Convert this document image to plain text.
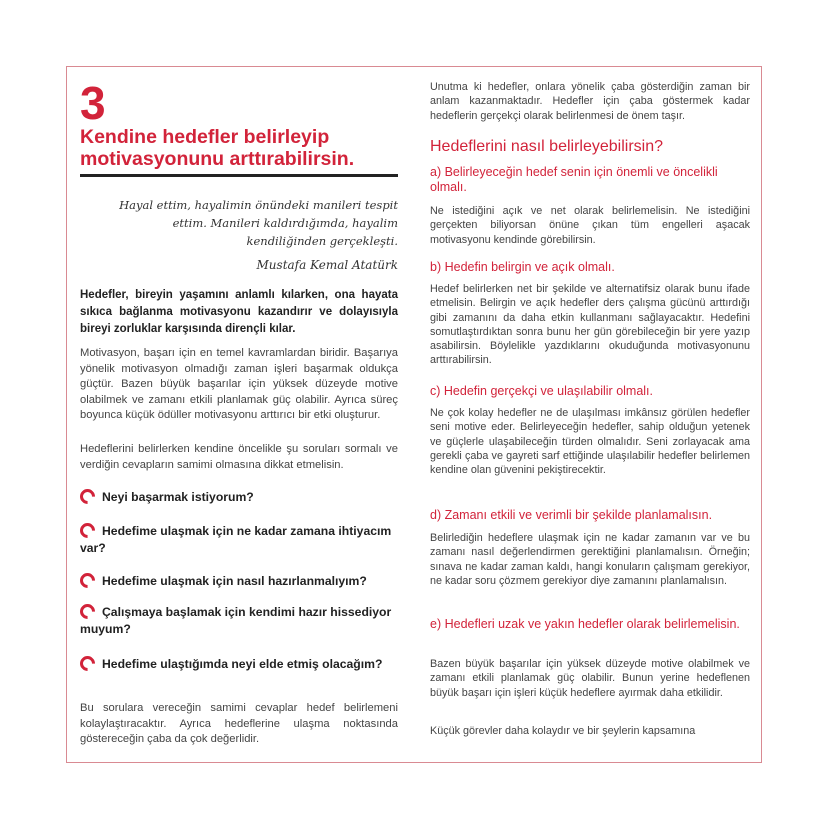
3
Kendine hedefler belirleyip motivasyonunu arttırabilirsin.
Hayal ettim, hayalimin önündeki manileri tespit ettim. Manileri kaldırdığımda, hayalim kendiliğinden gerçekleşti.
Mustafa Kemal Atatürk
Hedefler, bireyin yaşamını anlamlı kılarken, ona hayata sıkıca bağlanma motivasyonu kazandırır ve dolayısıyla bireyi zorluklar karşısında dirençli kılar.
Motivasyon, başarı için en temel kavramlardan biridir. Başarıya yönelik motivasyon olmadığı zaman işleri başarmak oldukça güçtür. Bazen büyük başarılar için yüksek düzeyde motive olabilmek ve zamanı etkili planlamak güç olabilir. Ayrıca süreç boyunca küçük ödüller motivasyonu arttırıcı bir etki oluşturur.
Hedeflerini belirlerken kendine öncelikle şu soruları sormalı ve verdiğin cevapların samimi olmasına dikkat etmelisin.
Neyi başarmak istiyorum?
Hedefime ulaşmak için ne kadar zamana ihtiyacım var?
Hedefime ulaşmak için nasıl hazırlanmalıyım?
Çalışmaya başlamak için kendimi hazır hissediyor muyum?
Hedefime ulaştığımda neyi elde etmiş olacağım?
Bu sorulara vereceğin samimi cevaplar hedef belirlemeni kolaylaştıracaktır. Ayrıca hedeflerine ulaşma noktasında göstereceğin çaba da çok değerlidir.
Unutma ki hedefler, onlara yönelik çaba gösterdiğin zaman bir anlam kazanmaktadır. Hedefler için çaba göstermek kadar hedeflerin gerçekçi olarak belirlenmesi de önem taşır.
Hedeflerini nasıl belirleyebilirsin?
a) Belirleyeceğin hedef senin için önemli ve öncelikli olmalı.
Ne istediğini açık ve net olarak belirlemelisin. Ne istediğini gerçekten biliyorsan önüne çıkan tüm engelleri aşacak motivasyonu kendinde görebilirsin.
b) Hedefin belirgin ve açık olmalı.
Hedef belirlerken net bir şekilde ve alternatifsiz olarak bunu ifade etmelisin. Belirgin ve açık hedefler ders çalışma gücünü arttırdığı gibi zamanını da daha etkin kullanmanı sağlayacaktır. Hedefini somutlaştırdıktan sonra bunu her gün görebileceğin bir yere yazıp asabilirsin. Böylelikle yazdıklarını okuduğunda motivasyonunu arttırabilirsin.
c) Hedefin gerçekçi ve ulaşılabilir olmalı.
Ne çok kolay hedefler ne de ulaşılması imkânsız görülen hedefler seni motive eder. Belirleyeceğin hedefler, sahip olduğun yetenek ve güçlerle ulaşabileceğin türden olmalıdır. Seni zorlayacak ama gerekli çaba ve gayreti sarf ettiğinde ulaşılabilir hedefler belirlemen kendine olan güvenini pekiştirecektir.
d) Zamanı etkili ve verimli bir şekilde planlamalısın.
Belirlediğin hedeflere ulaşmak için ne kadar zamanın var ve bu zamanı nasıl değerlendirmen gerektiğini planlamalısın. Örneğin; sınava ne kadar zaman kaldı, hangi konuların çalışmam gerekiyor, ne kadar soru çözmem gerekiyor diye zamanını planlamalısın.
e) Hedefleri uzak ve yakın hedefler olarak belirlemelisin.
Bazen büyük başarılar için yüksek düzeyde motive olabilmek ve zamanı etkili planlamak güç olabilir. Bunun yerine hedeflenen büyük başarı için işleri küçük hedeflere ayırmak daha etkilidir.
Küçük görevler daha kolaydır ve bir şeylerin kapsamına
